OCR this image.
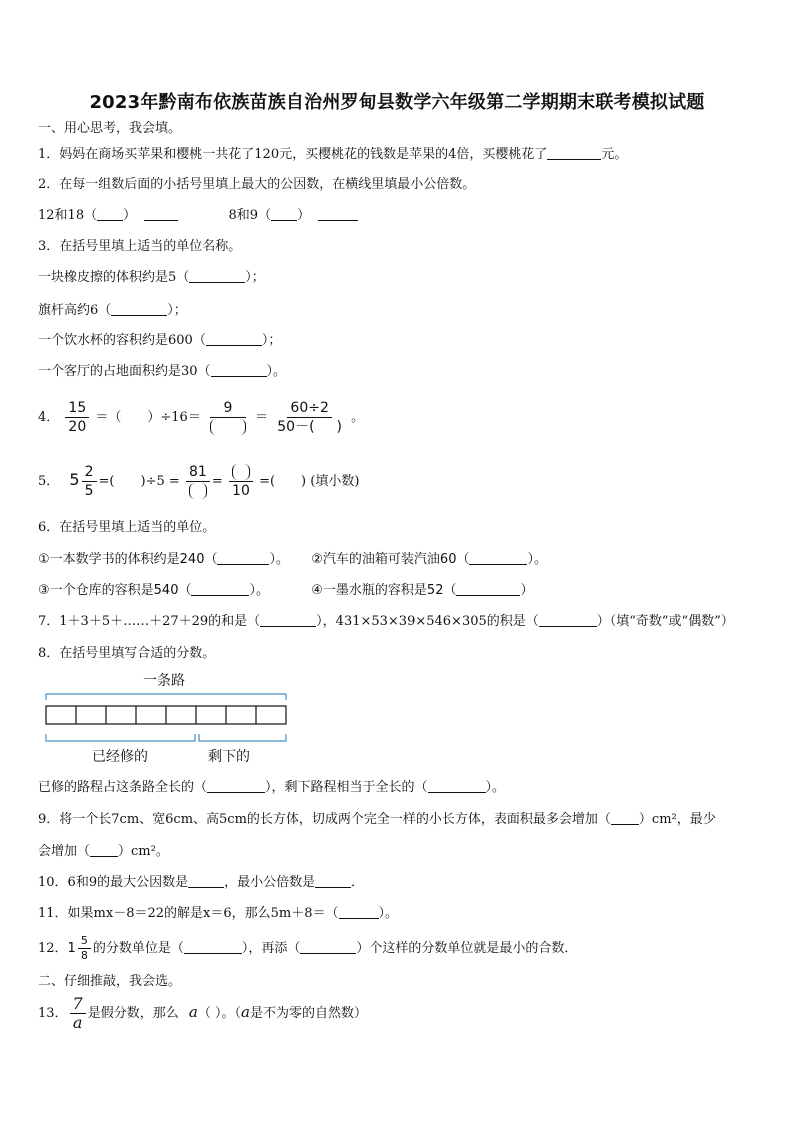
2023年黔南布依族苗族自治州罗甸县数学六年级第二学期期末联考模拟试题
一、用心思考，我会填。
1．妈妈在商场买苹果和樱桃一共花了120元，买樱桃花的钱数是苹果的4倍，买樱桃花了	元。
2．在每一组数后面的小括号里填上最大的公因数，在横线里填最小公倍数。
12和18（ ）	8和9（ ）
3．在括号里填上适当的单位名称。
一块橡皮擦的体积约是5（	）；
旗杆高约6（	）；
一个饮水杯的容积约是600（	）；
一个客厅的占地面积约是30（	）。
4． $\frac{15}{20}$ ＝（　　）÷16＝
9
＝ $\frac{60\div 2}{50-( )}$ 。
5． $5 \frac{2}{5}$ =(　　)÷5 =
81
=
10
=(　　) (填小数)
6．在括号里填上适当的单位。
①一本数学书的体积约是240（	）。 ②汽车的油箱可装汽油60（	）。
③一个仓库的容积是540（	）。	④一墨水瓶的容积是52（	）
7．1＋3＋5＋……＋27＋29的和是（	），431×53×39×546×305的积是（	）（填“奇数”或“偶数”）
8．在括号里填写合适的分数。
一条路
已经修的	剩下的
已修的路程占这条路全长的（	），剩下路程相当于全长的（	）。
9．将一个长7cm、宽6cm、高5cm的长方体，切成两个完全一样的小长方体，表面积最多会增加（ ）cm²，最少
会增加（ ）cm²。
10．6和9的最大公因数是	，最小公倍数是	．
11．如果mx－8＝22的解是x＝6，那么5m＋8＝（	）。
12．$1 \frac{5}{8}$ 的分数单位是（	），再添（	）个这样的分数单位就是最小的合数．
二、仔细推敲，我会选。
13． $\frac{7}{a}$ 是假分数，那么 a（ ）。（a是不为零的自然数）
